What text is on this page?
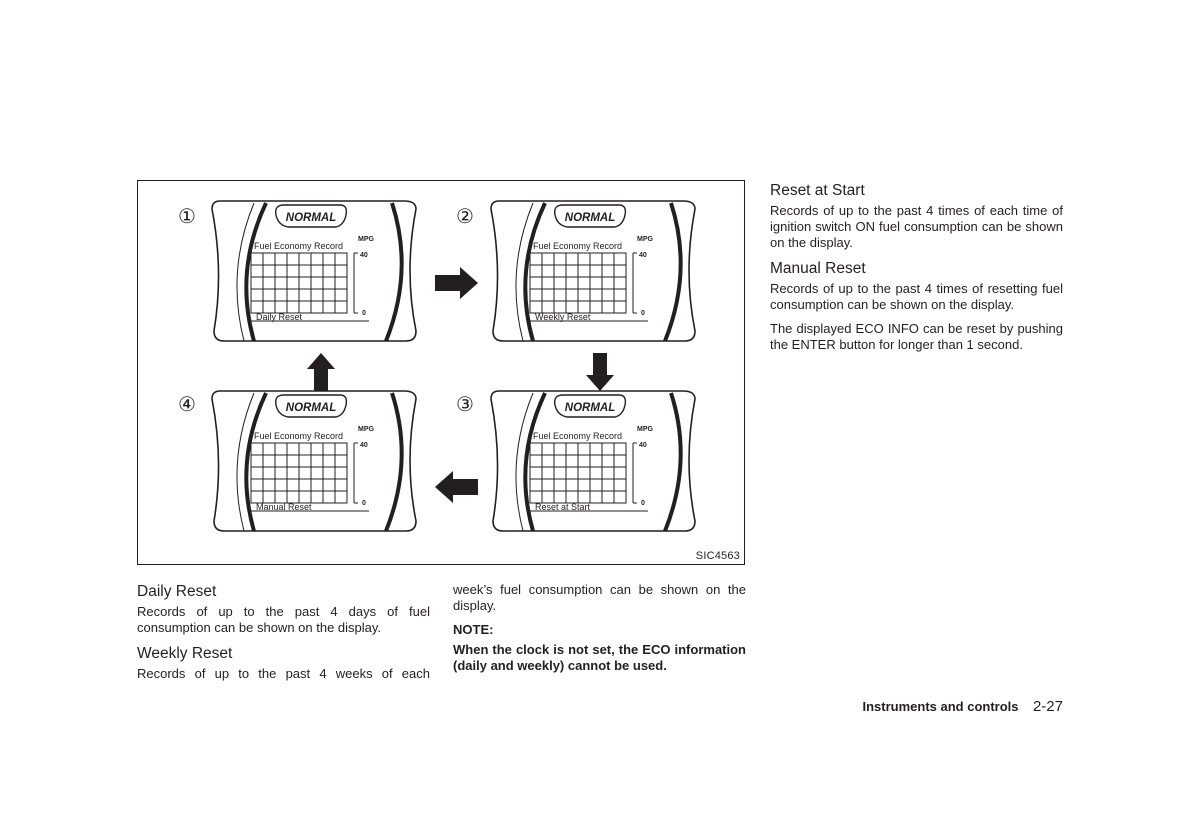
NORMAL
MPG
Fuel Economy Record
40
0
Daily Reset
①	NORMAL
MPG
Fuel Economy Record
40
0
Weekly Reset
②
NORMAL
MPG
Fuel Economy Record
40
0
Manual Reset
④	NORMAL
MPG
Fuel Economy Record
40
0
Reset at Start
③
SIC4563
Daily Reset

Records of up to the past 4 days of fuel consumption can be shown on the display.

Weekly Reset

Records of up to the past 4 weeks of each

week’s fuel consumption can be shown on the display.

NOTE:

When the clock is not set, the ECO information (daily and weekly) cannot be used.

Reset at Start

Records of up to the past 4 times of each time of ignition switch ON fuel consumption can be shown on the display.

Manual Reset

Records of up to the past 4 times of resetting fuel consumption can be shown on the display.

The displayed ECO INFO can be reset by pushing the ENTER button for longer than 1 second.

Instruments and controls 2-27
